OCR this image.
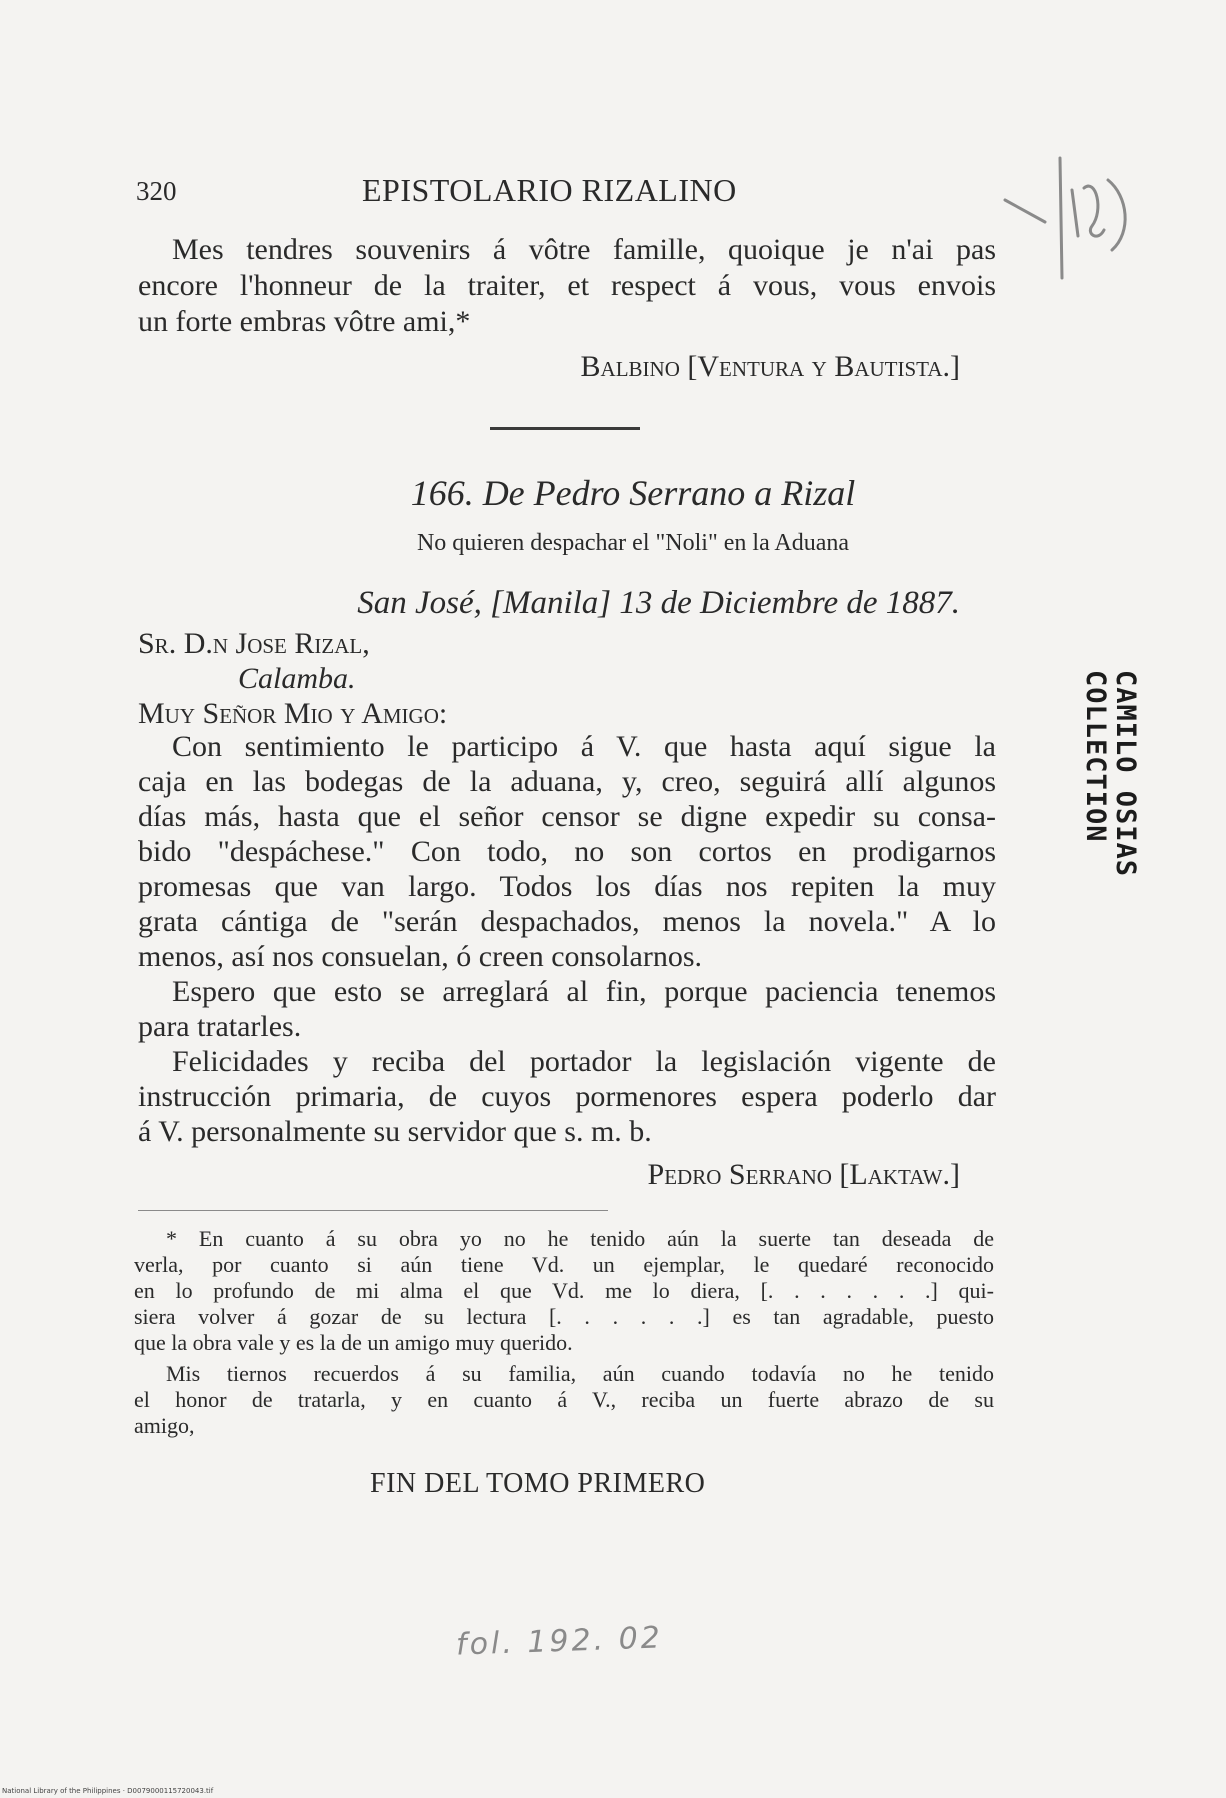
320	EPISTOLARIO RIZALINO
Mes tendres souvenirs á vôtre famille, quoique je n'ai pas
encore l'honneur de la traiter, et respect á vous, vous envois
un forte embras vôtre ami,*
Balbino [Ventura y Bautista.]
166. De Pedro Serrano a Rizal
No quieren despachar el "Noli" en la Aduana
San José, [Manila] 13 de Diciembre de 1887.
Sr. D.n Jose Rizal,
Calamba.
Muy Señor Mio y Amigo:
Con sentimiento le participo á V. que hasta aquí sigue la
caja en las bodegas de la aduana, y, creo, seguirá allí algunos
días más, hasta que el señor censor se digne expedir su consa-
bido "despáchese." Con todo, no son cortos en prodigarnos
promesas que van largo. Todos los días nos repiten la muy
grata cántiga de "serán despachados, menos la novela." A lo
menos, así nos consuelan, ó creen consolarnos.
Espero que esto se arreglará al fin, porque paciencia tenemos
para tratarles.
Felicidades y reciba del portador la legislación vigente de
instrucción primaria, de cuyos pormenores espera poderlo dar
á V. personalmente su servidor que s. m. b.
Pedro Serrano [Laktaw.]
* En cuanto á su obra yo no he tenido aún la suerte tan deseada de
verla, por cuanto si aún tiene Vd. un ejemplar, le quedaré reconocido
en lo profundo de mi alma el que Vd. me lo diera, [. . . . . . .] qui-
siera volver á gozar de su lectura [. . . . . .] es tan agradable, puesto
que la obra vale y es la de un amigo muy querido.
Mis tiernos recuerdos á su familia, aún cuando todavía no he tenido
el honor de tratarla, y en cuanto á V., reciba un fuerte abrazo de su
amigo,
FIN DEL TOMO PRIMERO
fol. 192. 02
CAMILO OSIAS
COLLECTION
National Library of the Philippines · D0079000115720043.tif
